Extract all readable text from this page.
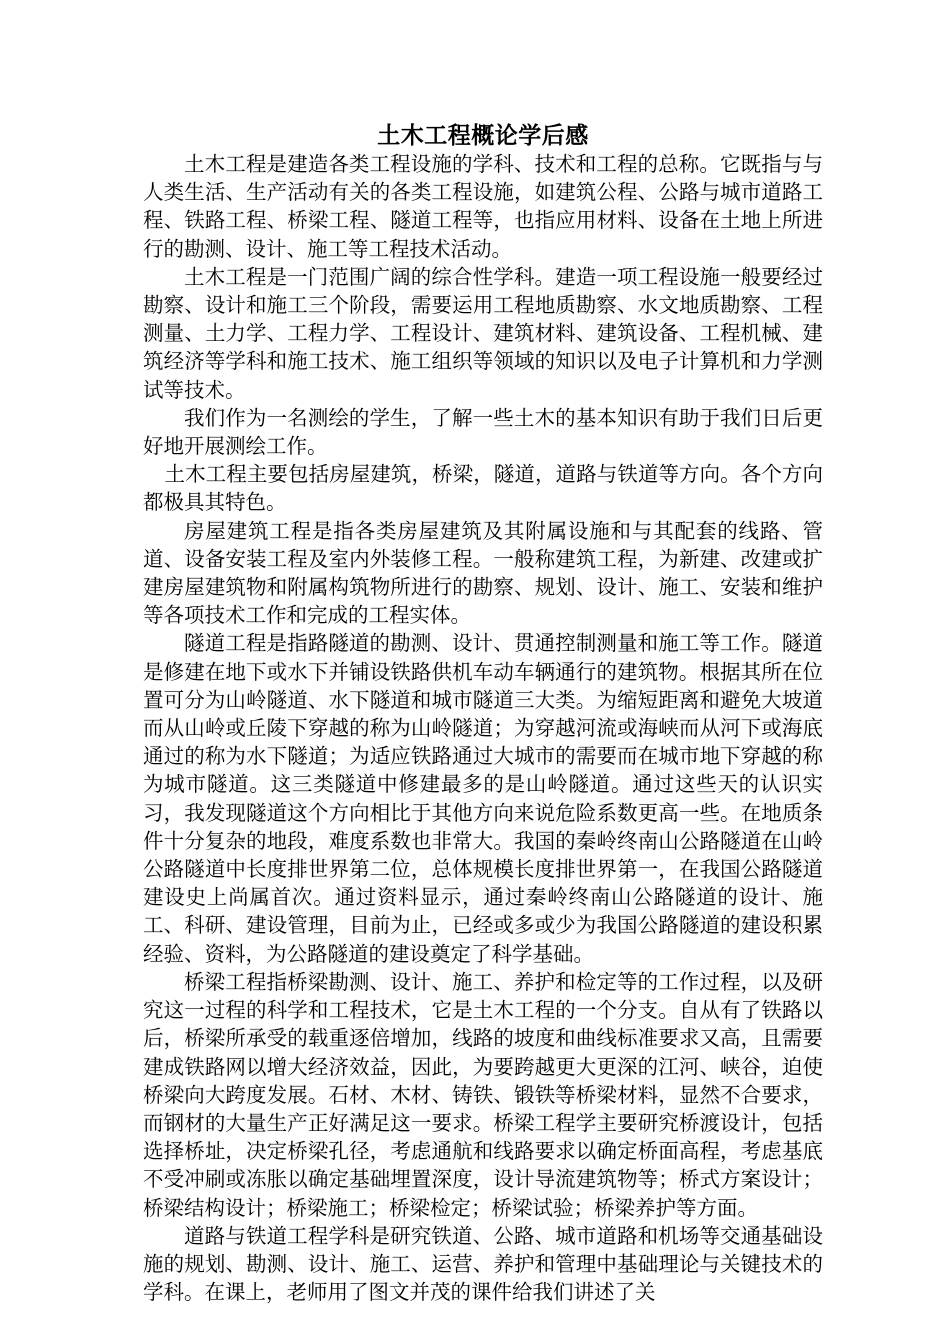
土木工程概论学后感

土木工程是建造各类工程设施的学科、技术和工程的总称。它既指与与人类生活、生产活动有关的各类工程设施，如建筑公程、公路与城市道路工程、铁路工程、桥梁工程、隧道工程等，也指应用材料、设备在土地上所进行的勘测、设计、施工等工程技术活动。

土木工程是一门范围广阔的综合性学科。建造一项工程设施一般要经过勘察、设计和施工三个阶段，需要运用工程地质勘察、水文地质勘察、工程测量、土力学、工程力学、工程设计、建筑材料、建筑设备、工程机械、建筑经济等学科和施工技术、施工组织等领域的知识以及电子计算机和力学测试等技术。

我们作为一名测绘的学生，了解一些土木的基本知识有助于我们日后更好地开展测绘工作。

土木工程主要包括房屋建筑，桥梁，隧道，道路与铁道等方向。各个方向都极具其特色。

房屋建筑工程是指各类房屋建筑及其附属设施和与其配套的线路、管道、设备安装工程及室内外装修工程。一般称建筑工程，为新建、改建或扩建房屋建筑物和附属构筑物所进行的勘察、规划、设计、施工、安装和维护等各项技术工作和完成的工程实体。

隧道工程是指路隧道的勘测、设计、贯通控制测量和施工等工作。隧道是修建在地下或水下并铺设铁路供机车动车辆通行的建筑物。根据其所在位置可分为山岭隧道、水下隧道和城市隧道三大类。为缩短距离和避免大坡道而从山岭或丘陵下穿越的称为山岭隧道；为穿越河流或海峡而从河下或海底通过的称为水下隧道；为适应铁路通过大城市的需要而在城市地下穿越的称为城市隧道。这三类隧道中修建最多的是山岭隧道。通过这些天的认识实习，我发现隧道这个方向相比于其他方向来说危险系数更高一些。在地质条件十分复杂的地段，难度系数也非常大。我国的秦岭终南山公路隧道在山岭公路隧道中长度排世界第二位，总体规模长度排世界第一，在我国公路隧道建设史上尚属首次。通过资料显示，通过秦岭终南山公路隧道的设计、施工、科研、建设管理，目前为止，已经或多或少为我国公路隧道的建设积累经验、资料，为公路隧道的建设奠定了科学基础。

桥梁工程指桥梁勘测、设计、施工、养护和检定等的工作过程，以及研究这一过程的科学和工程技术，它是土木工程的一个分支。自从有了铁路以后，桥梁所承受的载重逐倍增加，线路的坡度和曲线标准要求又高，且需要建成铁路网以增大经济效益，因此，为要跨越更大更深的江河、峡谷，迫使桥梁向大跨度发展。石材、木材、铸铁、锻铁等桥梁材料，显然不合要求，而钢材的大量生产正好满足这一要求。桥梁工程学主要研究桥渡设计，包括选择桥址，决定桥梁孔径，考虑通航和线路要求以确定桥面高程，考虑基底不受冲刷或冻胀以确定基础埋置深度，设计导流建筑物等；桥式方案设计；桥梁结构设计；桥梁施工；桥梁检定；桥梁试验；桥梁养护等方面。

道路与铁道工程学科是研究铁道、公路、城市道路和机场等交通基础设施的规划、勘测、设计、施工、运营、养护和管理中基础理论与关键技术的学科。在课上，老师用了图文并茂的课件给我们讲述了关
